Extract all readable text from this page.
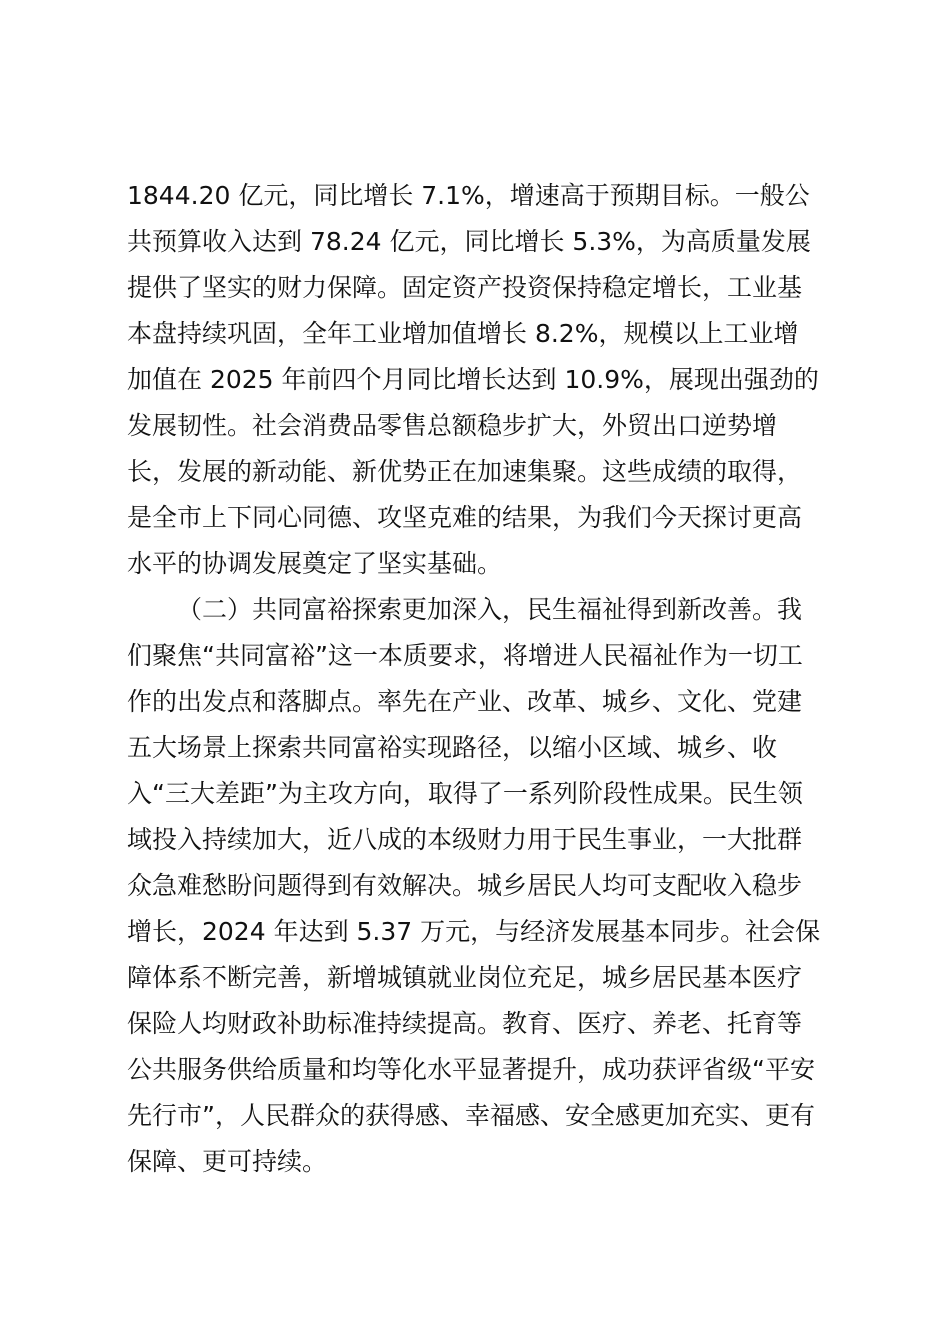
1844.20 亿元，同比增长 7.1%，增速高于预期目标。一般公
共预算收入达到 78.24 亿元，同比增长 5.3%，为高质量发展
提供了坚实的财力保障。固定资产投资保持稳定增长，工业基
本盘持续巩固，全年工业增加值增长 8.2%，规模以上工业增
加值在 2025 年前四个月同比增长达到 10.9%，展现出强劲的
发展韧性。社会消费品零售总额稳步扩大，外贸出口逆势增
长，发展的新动能、新优势正在加速集聚。这些成绩的取得，
是全市上下同心同德、攻坚克难的结果，为我们今天探讨更高
水平的协调发展奠定了坚实基础。
（二）共同富裕探索更加深入，民生福祉得到新改善。我
们聚焦“共同富裕”这一本质要求，将增进人民福祉作为一切工
作的出发点和落脚点。率先在产业、改革、城乡、文化、党建
五大场景上探索共同富裕实现路径，以缩小区域、城乡、收
入“三大差距”为主攻方向，取得了一系列阶段性成果。民生领
域投入持续加大，近八成的本级财力用于民生事业，一大批群
众急难愁盼问题得到有效解决。城乡居民人均可支配收入稳步
增长，2024 年达到 5.37 万元，与经济发展基本同步。社会保
障体系不断完善，新增城镇就业岗位充足，城乡居民基本医疗
保险人均财政补助标准持续提高。教育、医疗、养老、托育等
公共服务供给质量和均等化水平显著提升，成功获评省级“平安
先行市”，人民群众的获得感、幸福感、安全感更加充实、更有
保障、更可持续。
